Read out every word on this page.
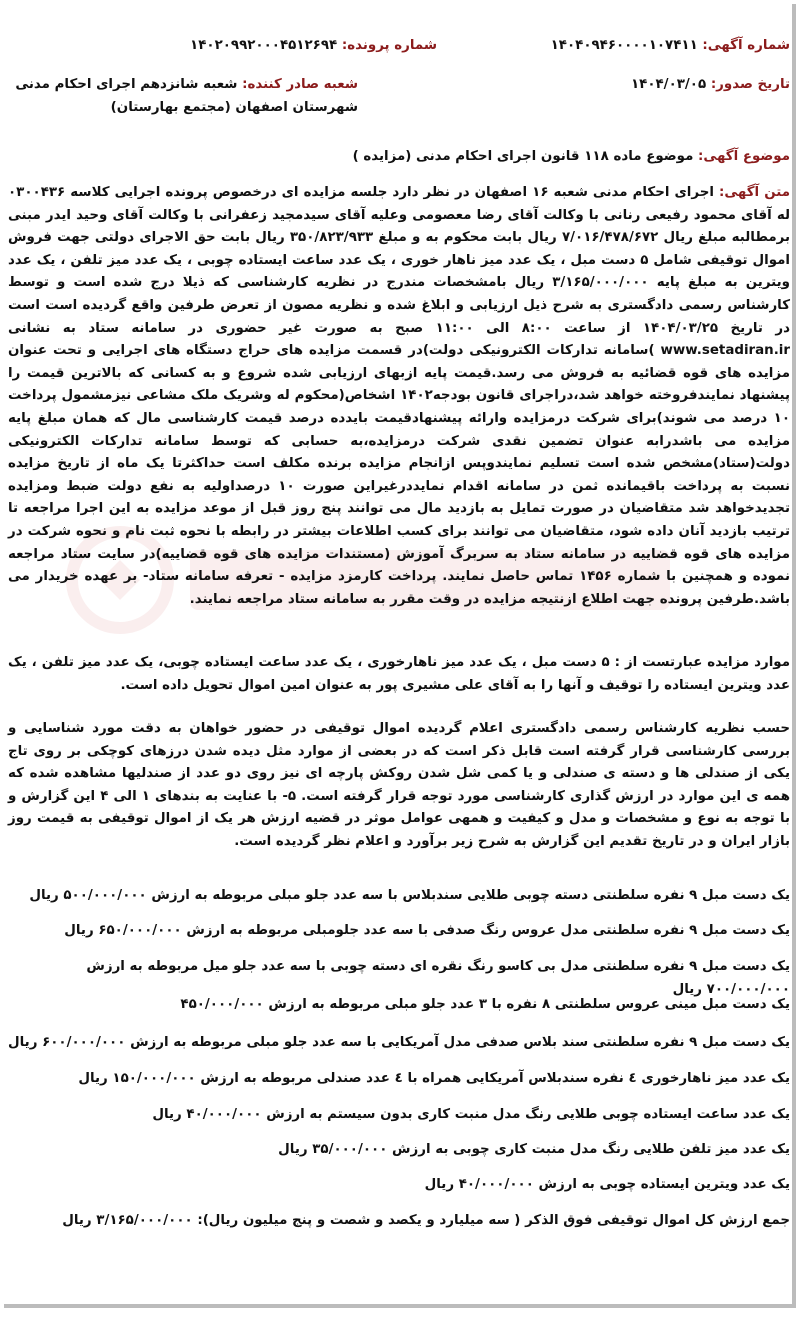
شماره آگهی: ۱۴۰۴۰۹۴۶۰۰۰۰۱۰۷۴۱۱
شماره پرونده: ۱۴۰۲۰۹۹۲۰۰۰۴۵۱۲۶۹۴
تاریخ صدور: ۱۴۰۴/۰۳/۰۵
شعبه صادر کننده: شعبه شانزدهم اجرای احکام مدنی شهرستان اصفهان (مجتمع بهارستان)
موضوع آگهی: موضوع ماده ۱۱۸ قانون اجرای احکام مدنی (مزایده )
متن آگهی: اجرای احکام مدنی شعبه ۱۶ اصفهان در نظر دارد جلسه مزایده ای درخصوص پرونده اجرایی کلاسه ۰۳۰۰۴۳۶ له آقای محمود رفیعی رنانی با وکالت آقای رضا معصومی وعلیه آقای سیدمجید زعفرانی با وکالت آقای وحید ایدر مبنی برمطالبه مبلغ ریال ۷/۰۱۶/۴۷۸/۶۷۲ ریال بابت محکوم به و مبلغ ۳۵۰/۸۲۳/۹۳۳ ریال بابت حق الاجرای دولتی جهت فروش اموال توقیفی شامل ۵ دست مبل ، یک عدد میز ناهار خوری ، یک عدد ساعت ایستاده چوبی ، یک عدد میز تلفن ، یک عدد ویترین به مبلغ پایه ۳/۱۶۵/۰۰۰/۰۰۰ ریال بامشخصات مندرج در نظریه کارشناسی که ذیلا درج شده است و توسط کارشناس رسمی دادگستری به شرح ذیل ارزیابی و ابلاغ شده و نظریه مصون از تعرض طرفین واقع گردیده است است در تاریخ ۱۴۰۴/۰۳/۲۵ از ساعت ۸:۰۰ الی ۱۱:۰۰ صبح به صورت غیر حضوری در سامانه ستاد به نشانی www.setadiran.ir )سامانه تدارکات الکترونیکی دولت)در قسمت مزایده های حراج دستگاه های اجرایی و تحت عنوان مزایده های قوه قضائیه به فروش می رسد.قیمت پایه ازبهای ارزیابی شده شروع و به کسانی که بالاترین قیمت را پیشنهاد نمایندفروخته خواهد شد،دراجرای قانون بودجه۱۴۰۲ اشخاص(محکوم له وشریک ملک مشاعی نیزمشمول پرداخت ۱۰ درصد می شوند)برای شرکت درمزایده وارائه پیشنهادقیمت بایدده درصد قیمت کارشناسی مال که همان مبلغ پایه مزایده می باشدرابه عنوان تضمین نقدی شرکت درمزایده،به حسابی که توسط سامانه تدارکات الکترونیکی دولت(ستاد)مشخص شده است تسلیم نمایندوپس ازانجام مزایده برنده مکلف است حداکثرتا یک ماه از تاریخ مزایده نسبت به پرداخت باقیمانده ثمن در سامانه اقدام نمایددرغیراین صورت ۱۰ درصداولیه به نفع دولت ضبط ومزایده تجدیدخواهد شد متقاضیان در صورت تمایل به بازدید مال می توانند پنج روز قبل از موعد مزایده به این اجرا مراجعه تا ترتیب بازدید آنان داده شود، متقاضیان می توانند برای کسب اطلاعات بیشتر در رابطه با نحوه ثبت نام و نحوه شرکت در مزایده های قوه قضاییه در سامانه ستاد به سربرگ آموزش (مستندات مزایده های قوه قضاییه)در سایت ستاد مراجعه نموده و همچنین با شماره ۱۴۵۶ تماس حاصل نمایند. پرداخت کارمزد مزایده - تعرفه سامانه ستاد- بر عهده خریدار می باشد.طرفین پرونده جهت اطلاع ازنتیجه مزایده در وقت مقرر به سامانه ستاد مراجعه نمایند.
موارد مزایده عبارتست از : ۵ دست مبل ، یک عدد میز ناهارخوری ، یک عدد ساعت ایستاده چوبی، یک عدد میز تلفن ، یک عدد ویترین ایستاده را توقیف و آنها را به آقای علی مشیری پور به عنوان امین اموال تحویل داده است.
حسب نظریه کارشناس رسمی دادگستری اعلام گردیده اموال توقیفی در حضور خواهان به دقت مورد شناسایی و بررسی کارشناسی قرار گرفته است قابل ذکر است که در بعضی از موارد مثل دیده شدن درزهای کوچکی بر روی تاج یکی از صندلی ها و دسته ی صندلی و یا کمی شل شدن روکش پارچه ای نیز روی دو عدد از صندلیها مشاهده شده که همه ی این موارد در ارزش گذاری کارشناسی مورد توجه قرار گرفته است. ۵- با عنایت به بندهای ۱ الی ۴ این گزارش و با توجه به نوع و مشخصات و مدل و کیفیت و همهی عوامل موثر در قضیه ارزش هر یک از اموال توقیفی به قیمت روز بازار ایران و در تاریخ تقدیم این گزارش به شرح زیر برآورد و اعلام نظر گردیده است.
یک دست مبل ۹ نفره سلطنتی دسته چوبی طلایی سندبلاس با سه عدد جلو مبلی مربوطه به ارزش ۵۰۰/۰۰۰/۰۰۰ ریال
یک دست مبل ۹ نفره سلطنتی مدل عروس رنگ صدفی با سه عدد جلومبلی مربوطه به ارزش ۶۵۰/۰۰۰/۰۰۰ ریال
یک دست مبل ۹ نفره سلطنتی مدل بی کاسو رنگ نقره ای دسته چوبی با سه عدد جلو میل مربوطه به ارزش ۷۰۰/۰۰۰/۰۰۰ ریال
یک دست مبل مینی عروس سلطنتی ۸ نفره با ۳ عدد جلو مبلی مربوطه به ارزش ۴۵۰/۰۰۰/۰۰۰
یک دست مبل ۹ نفره سلطنتی سند بلاس صدفی مدل آمریکایی با سه عدد جلو مبلی مربوطه به ارزش ۶۰۰/۰۰۰/۰۰۰ ریال
یک عدد میز ناهارخوری ٤ نفره سندبلاس آمریکایی همراه با ٤ عدد صندلی مربوطه به ارزش ۱۵۰/۰۰۰/۰۰۰ ریال
یک عدد ساعت ایستاده چوبی طلایی رنگ مدل منبت کاری بدون سیستم به ارزش ۴۰/۰۰۰/۰۰۰ ریال
یک عدد میز تلفن طلایی رنگ مدل منبت کاری چوبی به ارزش ۳۵/۰۰۰/۰۰۰ ریال
یک عدد ویترین ایستاده چوبی به ارزش ۴۰/۰۰۰/۰۰۰ ریال
جمع ارزش کل اموال توقیفی فوق الذکر ( سه میلیارد و یکصد و شصت و پنج میلیون ریال): ۳/۱۶۵/۰۰۰/۰۰۰ ریال
